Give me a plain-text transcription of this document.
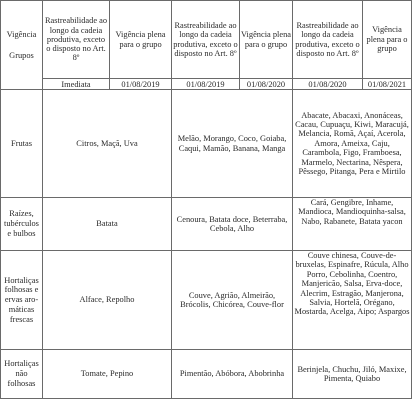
Vigência
Grupos	Rastreabilidade ao longo da cadeia produtiva, exceto o disposto no Art. 8º	Vigência plena para o grupo	Rastreabilidade ao longo da cadeia produtiva, exceto o disposto no Art. 8º	Vigência plena para o grupo	Rastreabilidade ao longo da cadeia produtiva, exceto o disposto no Art. 8º	Vigência plena para o grupo
	Imediata	01/08/2019	01/08/2019	01/08/2020	01/08/2020	01/08/2021
Frutas	Citros, Maçã, Uva		Melão, Morango, Coco, Goiaba, Caqui, Mamão, Banana, Manga		Abacate, Abacaxi, Anonáceas, Cacau, Cupuaçu, Kiwi, Maracujá, Melancia, Romã, Açaí, Acerola, Amora, Ameixa, Caju, Carambola, Figo, Framboesa, Marmelo, Nectarina, Nêspera, Pêssego, Pitanga, Pera e Mirtilo	
Raízes, tubérculos e bulbos	Batata		Cenoura, Batata doce, Beterraba, Cebola, Alho		Cará, Gengibre, Inhame, Mandioca, Mandioquinha-salsa, Nabo, Rabanete, Batata yacon	
Hortaliças folhosas e ervas aro-máticas frescas	Alface, Repolho		Couve, Agrião, Almeirão, Brócolis, Chicórea, Couve-flor		Couve chinesa, Couve-de-bruxelas, Espinafre, Rúcula, Alho Porro, Cebolinha, Coentro, Manjericão, Salsa, Erva-doce, Alecrim, Estragão, Manjerona, Salvia, Hortelã, Orégano, Mostarda, Acelga, Aipo; Aspargos	
Hortaliças não folhosas	Tomate, Pepino		Pimentão, Abóbora, Abobrinha		Berinjela, Chuchu, Jiló, Maxixe, Pimenta, Quiabo	
